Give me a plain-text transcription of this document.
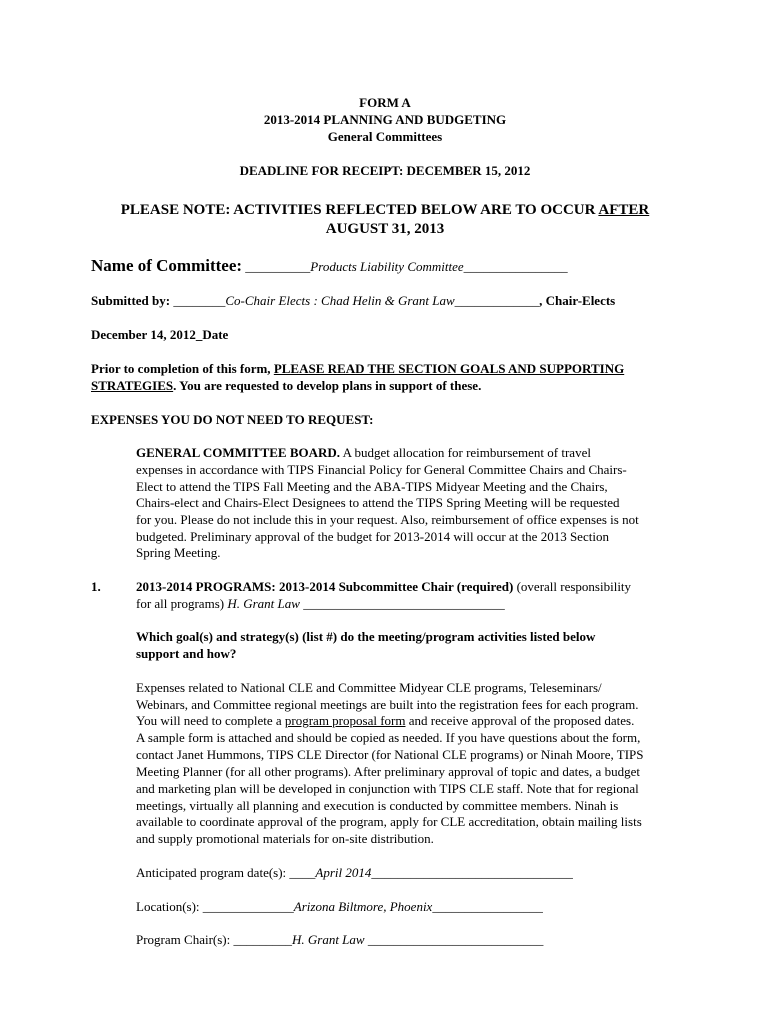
FORM A
2013-2014 PLANNING AND BUDGETING
General Committees
DEADLINE FOR RECEIPT: DECEMBER 15, 2012
PLEASE NOTE: ACTIVITIES REFLECTED BELOW ARE TO OCCUR AFTER
AUGUST 31, 2013
Name of Committee: __________Products Liability Committee________________
Submitted by: ________Co-Chair Elects : Chad Helin & Grant Law_____________, Chair-Elects
December 14, 2012_Date
Prior to completion of this form, PLEASE READ THE SECTION GOALS AND SUPPORTING
STRATEGIES. You are requested to develop plans in support of these.
EXPENSES YOU DO NOT NEED TO REQUEST:
GENERAL COMMITTEE BOARD. A budget allocation for reimbursement of travel
expenses in accordance with TIPS Financial Policy for General Committee Chairs and Chairs-
Elect to attend the TIPS Fall Meeting and the ABA-TIPS Midyear Meeting and the Chairs,
Chairs-elect and Chairs-Elect Designees to attend the TIPS Spring Meeting will be requested
for you. Please do not include this in your request. Also, reimbursement of office expenses is not
budgeted. Preliminary approval of the budget for 2013-2014 will occur at the 2013 Section
Spring Meeting.
1.	2013-2014 PROGRAMS: 2013-2014 Subcommittee Chair (required) (overall responsibility
for all programs) H. Grant Law _______________________________
Which goal(s) and strategy(s) (list #) do the meeting/program activities listed below
support and how?
Expenses related to National CLE and Committee Midyear CLE programs, Teleseminars/
Webinars, and Committee regional meetings are built into the registration fees for each program.
You will need to complete a program proposal form and receive approval of the proposed dates.
A sample form is attached and should be copied as needed. If you have questions about the form,
contact Janet Hummons, TIPS CLE Director (for National CLE programs) or Ninah Moore, TIPS
Meeting Planner (for all other programs). After preliminary approval of topic and dates, a budget
and marketing plan will be developed in conjunction with TIPS CLE staff. Note that for regional
meetings, virtually all planning and execution is conducted by committee members. Ninah is
available to coordinate approval of the program, apply for CLE accreditation, obtain mailing lists
and supply promotional materials for on-site distribution.
Anticipated program date(s): ____April 2014_______________________________
Location(s): ______________Arizona Biltmore, Phoenix_________________
Program Chair(s): _________H. Grant Law ___________________________
